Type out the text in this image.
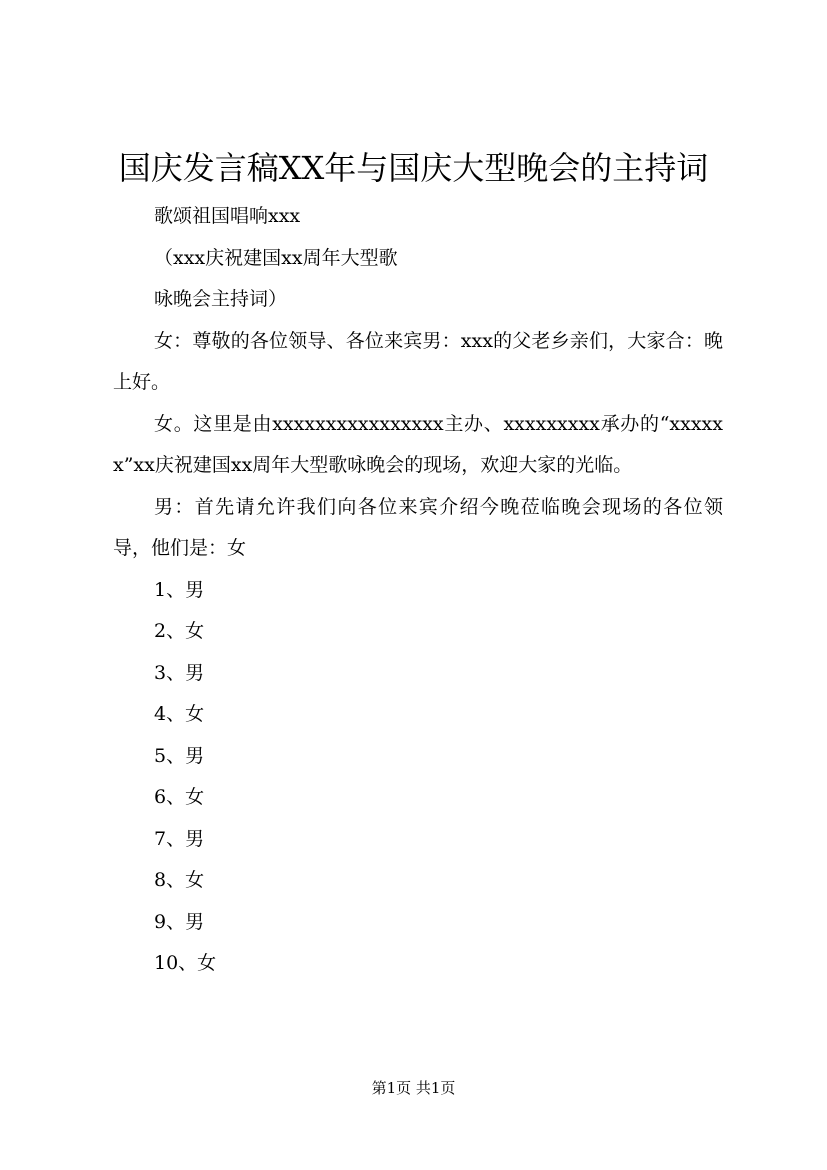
国庆发言稿XX年与国庆大型晚会的主持词

歌颂祖国唱响xxx

（xxx庆祝建国xx周年大型歌

咏晚会主持词）

女：尊敬的各位领导、各位来宾男：xxx的父老乡亲们，大家合：晚上好。

女。这里是由xxxxxxxxxxxxxxxx主办、xxxxxxxxx承办的“xxxxxx”xx庆祝建国xx周年大型歌咏晚会的现场，欢迎大家的光临。

男：首先请允许我们向各位来宾介绍今晚莅临晚会现场的各位领导，他们是：女

1、男

2、女

3、男

4、女

5、男

6、女

7、男

8、女

9、男

10、女

第1页 共1页
